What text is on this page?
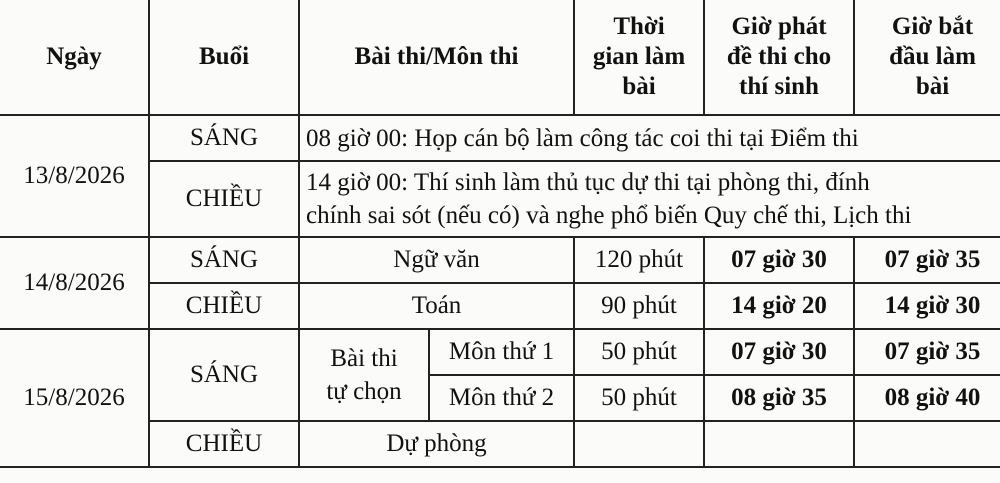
Ngày	Buổi	Bài thi/Môn thi		Thời
gian làm
bài	Giờ phát
đề thi cho
thí sinh	Giờ bắt
đầu làm
bài
13/8/2026	SÁNG	08 giờ 00: Họp cán bộ làm công tác coi thi tại Điểm thi				
	CHIỀU	14 giờ 00: Thí sinh làm thủ tục dự thi tại phòng thi, đính
chính sai sót (nếu có) và nghe phổ biến Quy chế thi, Lịch thi				
14/8/2026	SÁNG	Ngữ văn		120 phút	07 giờ 30	07 giờ 35
	CHIỀU	Toán		90 phút	14 giờ 20	14 giờ 30
15/8/2026	SÁNG	Bài thi
tự chọn	Môn thứ 1	50 phút	07 giờ 30	07 giờ 35
			Môn thứ 2	50 phút	08 giờ 35	08 giờ 40
	CHIỀU	Dự phòng				
